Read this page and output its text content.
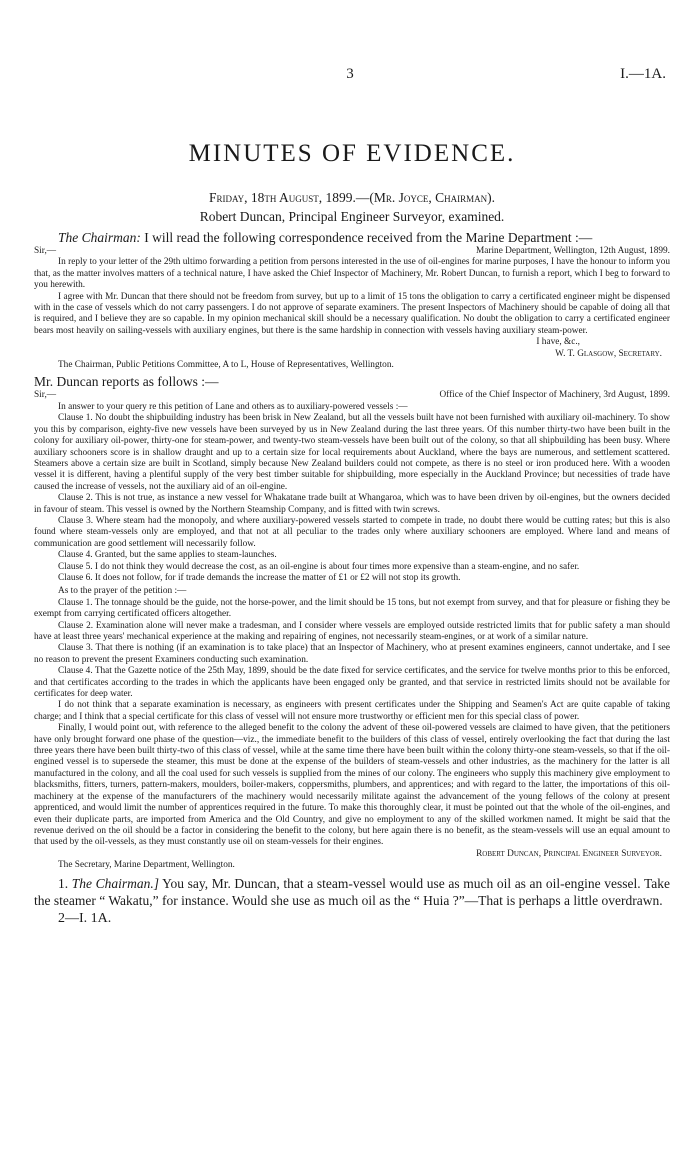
3	I.—1A.
MINUTES OF EVIDENCE.

Friday, 18th August, 1899.—(Mr. Joyce, Chairman).

Robert Duncan, Principal Engineer Surveyor, examined.

The Chairman: I will read the following correspondence received from the Marine Department :—

Sir,—	Marine Department, Wellington, 12th August, 1899.

In reply to your letter of the 29th ultimo forwarding a petition from persons interested in the use of oil-engines for marine purposes, I have the honour to inform you that, as the matter involves matters of a technical nature, I have asked the Chief Inspector of Machinery, Mr. Robert Duncan, to furnish a report, which I beg to forward to you herewith.

I agree with Mr. Duncan that there should not be freedom from survey, but up to a limit of 15 tons the obligation to carry a certificated engineer might be dispensed with in the case of vessels which do not carry passengers. I do not approve of separate examiners. The present Inspectors of Machinery should be capable of doing all that is required, and I believe they are so capable. In my opinion mechanical skill should be a necessary qualification. No doubt the obligation to carry a certificated engineer bears most heavily on sailing-vessels with auxiliary engines, but there is the same hardship in connection with vessels having auxiliary steam-power.

I have, &c.,

W. T. Glasgow, Secretary.

The Chairman, Public Petitions Committee, A to L, House of Representatives, Wellington.

Mr. Duncan reports as follows :—

Sir,—	Office of the Chief Inspector of Machinery, 3rd August, 1899.

In answer to your query re this petition of Lane and others as to auxiliary-powered vessels :—

Clause 1. No doubt the shipbuilding industry has been brisk in New Zealand, but all the vessels built have not been furnished with auxiliary oil-machinery. To show you this by comparison, eighty-five new vessels have been surveyed by us in New Zealand during the last three years. Of this number thirty-two have been built in the colony for auxiliary oil-power, thirty-one for steam-power, and twenty-two steam-vessels have been built out of the colony, so that all shipbuilding has been busy. Where auxiliary schooners score is in shallow draught and up to a certain size for local requirements about Auckland, where the bays are numerous, and settlement scattered. Steamers above a certain size are built in Scotland, simply because New Zealand builders could not compete, as there is no steel or iron produced here. With a wooden vessel it is different, having a plentiful supply of the very best timber suitable for shipbuilding, more especially in the Auckland Province; but necessities of trade have caused the increase of vessels, not the auxiliary aid of an oil-engine.

Clause 2. This is not true, as instance a new vessel for Whakatane trade built at Whangaroa, which was to have been driven by oil-engines, but the owners decided in favour of steam. This vessel is owned by the Northern Steamship Company, and is fitted with twin screws.

Clause 3. Where steam had the monopoly, and where auxiliary-powered vessels started to compete in trade, no doubt there would be cutting rates; but this is also found where steam-vessels only are employed, and that not at all peculiar to the trades only where auxiliary schooners are employed. Where land and means of communication are good settlement will necessarily follow.

Clause 4. Granted, but the same applies to steam-launches.

Clause 5. I do not think they would decrease the cost, as an oil-engine is about four times more expensive than a steam-engine, and no safer.

Clause 6. It does not follow, for if trade demands the increase the matter of £1 or £2 will not stop its growth.

As to the prayer of the petition :—

Clause 1. The tonnage should be the guide, not the horse-power, and the limit should be 15 tons, but not exempt from survey, and that for pleasure or fishing they be exempt from carrying certificated officers altogether.

Clause 2. Examination alone will never make a tradesman, and I consider where vessels are employed outside restricted limits that for public safety a man should have at least three years' mechanical experience at the making and repairing of engines, not necessarily steam-engines, or at work of a similar nature.

Clause 3. That there is nothing (if an examination is to take place) that an Inspector of Machinery, who at present examines engineers, cannot undertake, and I see no reason to prevent the present Examiners conducting such examination.

Clause 4. That the Gazette notice of the 25th May, 1899, should be the date fixed for service certificates, and the service for twelve months prior to this be enforced, and that certificates according to the trades in which the applicants have been engaged only be granted, and that service in restricted limits should not be available for certificates for deep water.

I do not think that a separate examination is necessary, as engineers with present certificates under the Shipping and Seamen's Act are quite capable of taking charge; and I think that a special certificate for this class of vessel will not ensure more trustworthy or efficient men for this special class of power.

Finally, I would point out, with reference to the alleged benefit to the colony the advent of these oil-powered vessels are claimed to have given, that the petitioners have only brought forward one phase of the question—viz., the immediate benefit to the builders of this class of vessel, entirely overlooking the fact that during the last three years there have been built thirty-two of this class of vessel, while at the same time there have been built within the colony thirty-one steam-vessels, so that if the oil-engined vessel is to supersede the steamer, this must be done at the expense of the builders of steam-vessels and other industries, as the machinery for the latter is all manufactured in the colony, and all the coal used for such vessels is supplied from the mines of our colony. The engineers who supply this machinery give employment to blacksmiths, fitters, turners, pattern-makers, moulders, boiler-makers, coppersmiths, plumbers, and apprentices; and with regard to the latter, the importations of this oil-machinery at the expense of the manufacturers of the machinery would necessarily militate against the advancement of the young fellows of the colony at present apprenticed, and would limit the number of apprentices required in the future. To make this thoroughly clear, it must be pointed out that the whole of the oil-engines, and even their duplicate parts, are imported from America and the Old Country, and give no employment to any of the skilled workmen named. It might be said that the revenue derived on the oil should be a factor in considering the benefit to the colony, but here again there is no benefit, as the steam-vessels will use an equal amount to that used by the oil-vessels, as they must constantly use oil on steam-vessels for their engines.

Robert Duncan, Principal Engineer Surveyor.

The Secretary, Marine Department, Wellington.

1. The Chairman.] You say, Mr. Duncan, that a steam-vessel would use as much oil as an oil-engine vessel. Take the steamer “ Wakatu,” for instance. Would she use as much oil as the “ Huia ?”—That is perhaps a little overdrawn.

2—I. 1A.
